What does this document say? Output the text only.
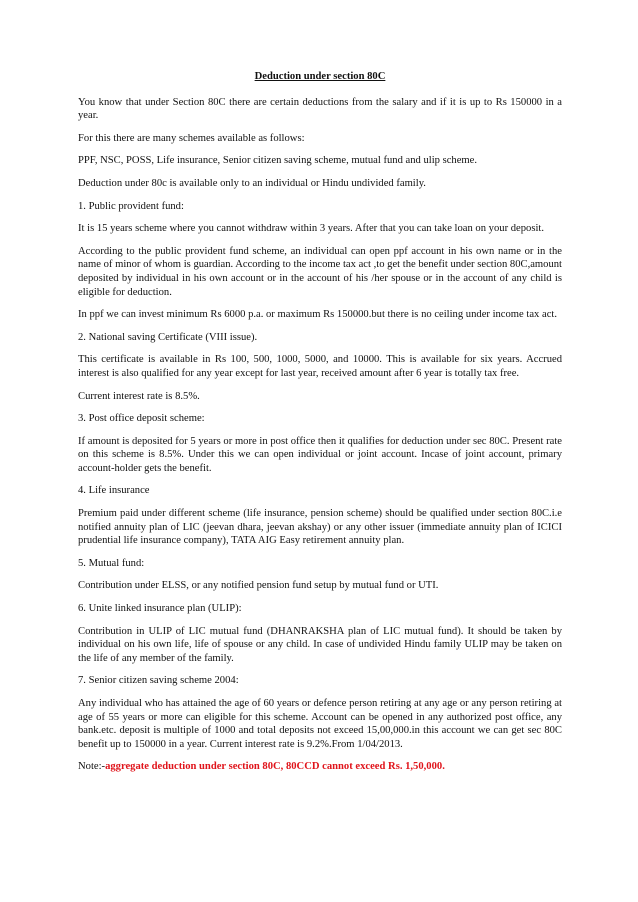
Deduction under section 80C

You know that under Section 80C there are certain deductions from the salary and if it is up to Rs 150000 in a year.

For this there are many schemes available as follows:

PPF, NSC, POSS, Life insurance, Senior citizen saving scheme, mutual fund and ulip scheme.

Deduction under 80c is available only to an individual or Hindu undivided family.

1. Public provident fund:

It is 15 years scheme where you cannot withdraw within 3 years. After that you can take loan on your deposit.

According to the public provident fund scheme, an individual can open ppf account in his own name or in the name of minor of whom is guardian. According to the income tax act ,to get the benefit under section 80C,amount deposited by individual in his own account or in the account of his /her spouse or in the account of any child is eligible for deduction.

In ppf we can invest minimum Rs 6000 p.a. or maximum Rs 150000.but there is no ceiling under income tax act.

2. National saving Certificate (VIII issue).

This certificate is available in Rs 100, 500, 1000, 5000, and 10000. This is available for six years. Accrued interest is also qualified for any year except for last year, received amount after 6 year is totally tax free.

Current interest rate is 8.5%.

3. Post office deposit scheme:

If amount is deposited for 5 years or more in post office then it qualifies for deduction under sec 80C. Present rate on this scheme is 8.5%. Under this we can open individual or joint account. Incase of joint account, primary account-holder gets the benefit.

4. Life insurance

Premium paid under different scheme (life insurance, pension scheme) should be qualified under section 80C.i.e notified annuity plan of LIC (jeevan dhara, jeevan akshay) or any other issuer (immediate annuity plan of ICICI prudential life insurance company), TATA AIG Easy retirement annuity plan.

5. Mutual fund:

Contribution under ELSS, or any notified pension fund setup by mutual fund or UTI.

6. Unite linked insurance plan (ULIP):

Contribution in ULIP of LIC mutual fund (DHANRAKSHA plan of LIC mutual fund). It should be taken by individual on his own life, life of spouse or any child. In case of undivided Hindu family ULIP may be taken on the life of any member of the family.

7. Senior citizen saving scheme 2004:

Any individual who has attained the age of 60 years or defence person retiring at any age or any person retiring at age of 55 years or more can eligible for this scheme. Account can be opened in any authorized post office, any bank.etc. deposit is multiple of 1000 and total deposits not exceed 15,00,000.in this account we can get sec 80C benefit up to 150000 in a year. Current interest rate is 9.2%.From 1/04/2013.

Note:-aggregate deduction under section 80C, 80CCD cannot exceed Rs. 1,50,000.
